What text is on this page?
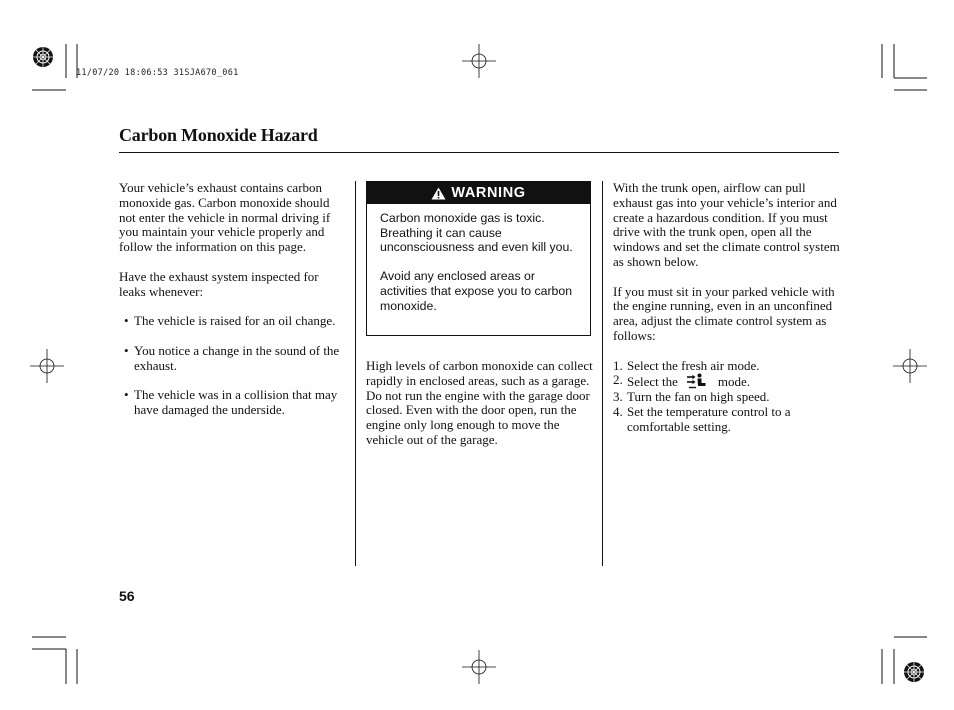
11/07/20 18:06:53 31SJA670_061
Carbon Monoxide Hazard

Your vehicle’s exhaust contains carbon monoxide gas. Carbon monoxide should not enter the vehicle in normal driving if you maintain your vehicle properly and follow the information on this page.

Have the exhaust system inspected for leaks whenever:

• The vehicle is raised for an oil change.
• You notice a change in the sound of the exhaust.
• The vehicle was in a collision that may have damaged the underside.
WARNING

Carbon monoxide gas is toxic. Breathing it can cause unconsciousness and even kill you.

Avoid any enclosed areas or activities that expose you to carbon monoxide.

High levels of carbon monoxide can collect rapidly in enclosed areas, such as a garage. Do not run the engine with the garage door closed. Even with the door open, run the engine only long enough to move the vehicle out of the garage.

With the trunk open, airflow can pull exhaust gas into your vehicle’s interior and create a hazardous condition. If you must drive with the trunk open, open all the windows and set the climate control system as shown below.

If you must sit in your parked vehicle with the engine running, even in an unconfined area, adjust the climate control system as follows:

1. Select the fresh air mode.
2. Select the	mode.
3. Turn the fan on high speed.
4. Set the temperature control to a comfortable setting.
56
